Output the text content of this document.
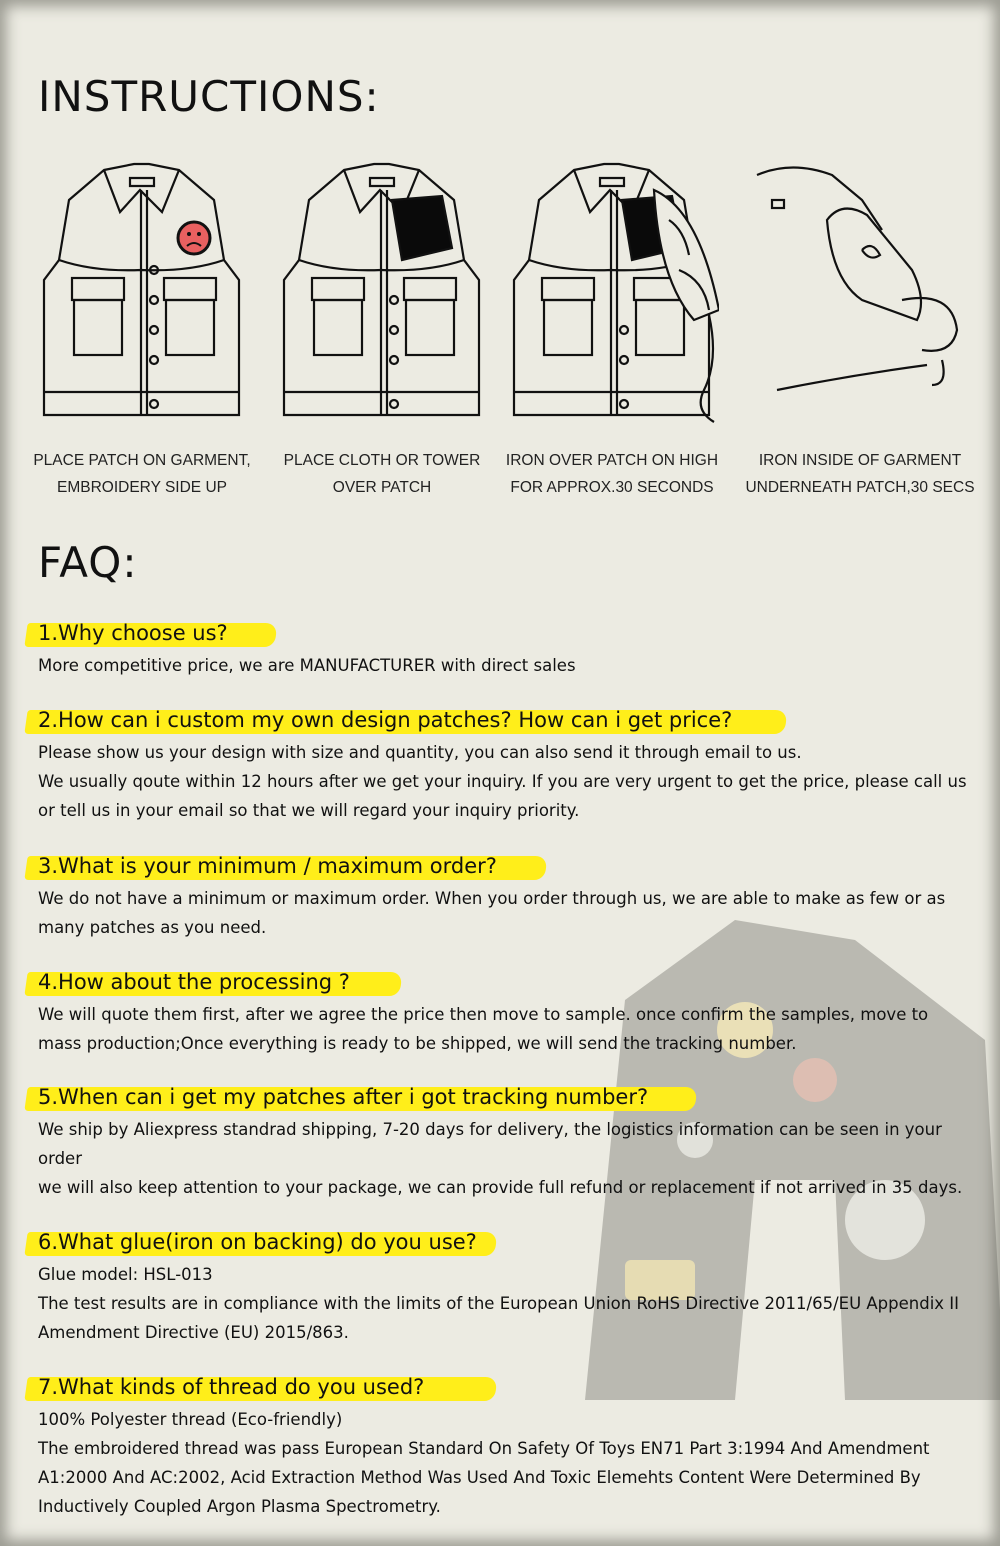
INSTRUCTIONS:
PLACE PATCH ON GARMENT,
EMBROIDERY SIDE UP
PLACE CLOTH OR TOWER
OVER PATCH
IRON OVER PATCH ON HIGH
FOR APPROX.30 SECONDS
IRON INSIDE OF GARMENT
UNDERNEATH PATCH,30 SECS
FAQ:
1.Why choose us?

More competitive price, we are MANUFACTURER with direct sales

2.How can i custom my own design patches? How can i get price?

Please show us your design with size and quantity, you can also send it through email to us.

We usually qoute within 12 hours after we get your inquiry. If you are very urgent to get the price, please call us or tell us in your email so that we will regard your inquiry priority.

3.What is your minimum / maximum order?

We do not have a minimum or maximum order. When you order through us, we are able to make as few or as many patches as you need.

4.How about the processing ?

We will quote them first, after we agree the price then move to sample. once confirm the samples, move to mass production;Once everything is ready to be shipped, we will send the tracking number.

5.When can i get my patches after i got tracking number?

We ship by Aliexpress standrad shipping, 7-20 days for delivery, the logistics information can be seen in your order

we will also keep attention to your package, we can provide full refund or replacement if not arrived in 35 days.

6.What glue(iron on backing) do you use?

Glue model: HSL-013

The test results are in compliance with the limits of the European Union RoHS Directive 2011/65/EU Appendix II Amendment Directive (EU) 2015/863.

7.What kinds of thread do you used?

100% Polyester thread (Eco-friendly)

The embroidered thread was pass European Standard On Safety Of Toys EN71 Part 3:1994 And Amendment A1:2000 And AC:2002, Acid Extraction Method Was Used And Toxic Elemehts Content Were Determined By Inductively Coupled Argon Plasma Spectrometry.
